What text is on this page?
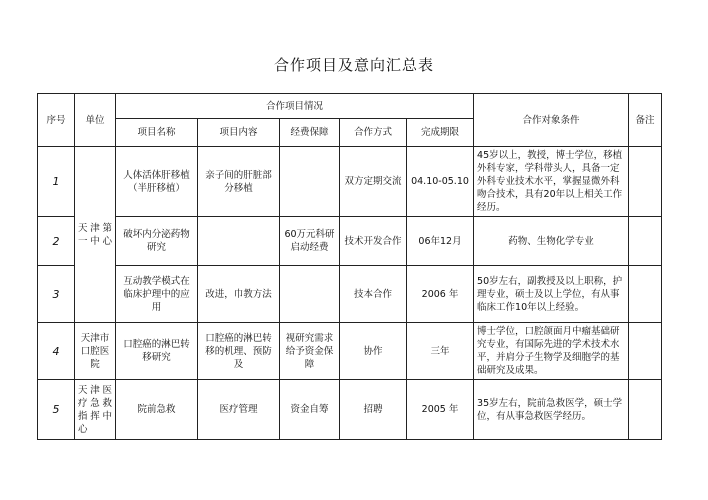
合作项目及意向汇总表
序号	单位	合作项目情况					合作对象条件	备注
		项目名称	项目内容	经费保障	合作方式	完成期限		
1	天津第一中心	人体活体肝移植（半肝移植）	亲子间的肝脏部分移植		双方定期交流	04.10-05.10	45岁以上，教授，博士学位，移植外科专家，学科带头人，具备一定外科专业技术水平，掌握显微外科吻合技术，具有20年以上相关工作经历。	
2		破坏内分泌药物研究		60万元科研启动经费	技术开发合作	06年12月	药物、生物化学专业	
3		互动教学模式在临床护理中的应用	改进，巾教方法		技本合作	2006 年	50岁左右，副教授及以上职称，护理专业，硕士及以上学位，有从事临床工作10年以上经验。	
4	天津市口腔医院	口腔癌的淋巴转移研究	口腔癌的淋巴转移的机理、预防及	视研究需求给予资金保障	协作	三年	博士学位，口腔颌面月中瘤基础研究专业，有国际先进的学术技术水平，并肩分子生物学及细胞学的基础研究及成果。	
5	天津医疗急救指挥中心	院前急救	医疗管理	资金自筹	招聘	2005 年	35岁左右，院前急救医学，硕士学位，有从事急救医学经历。	
